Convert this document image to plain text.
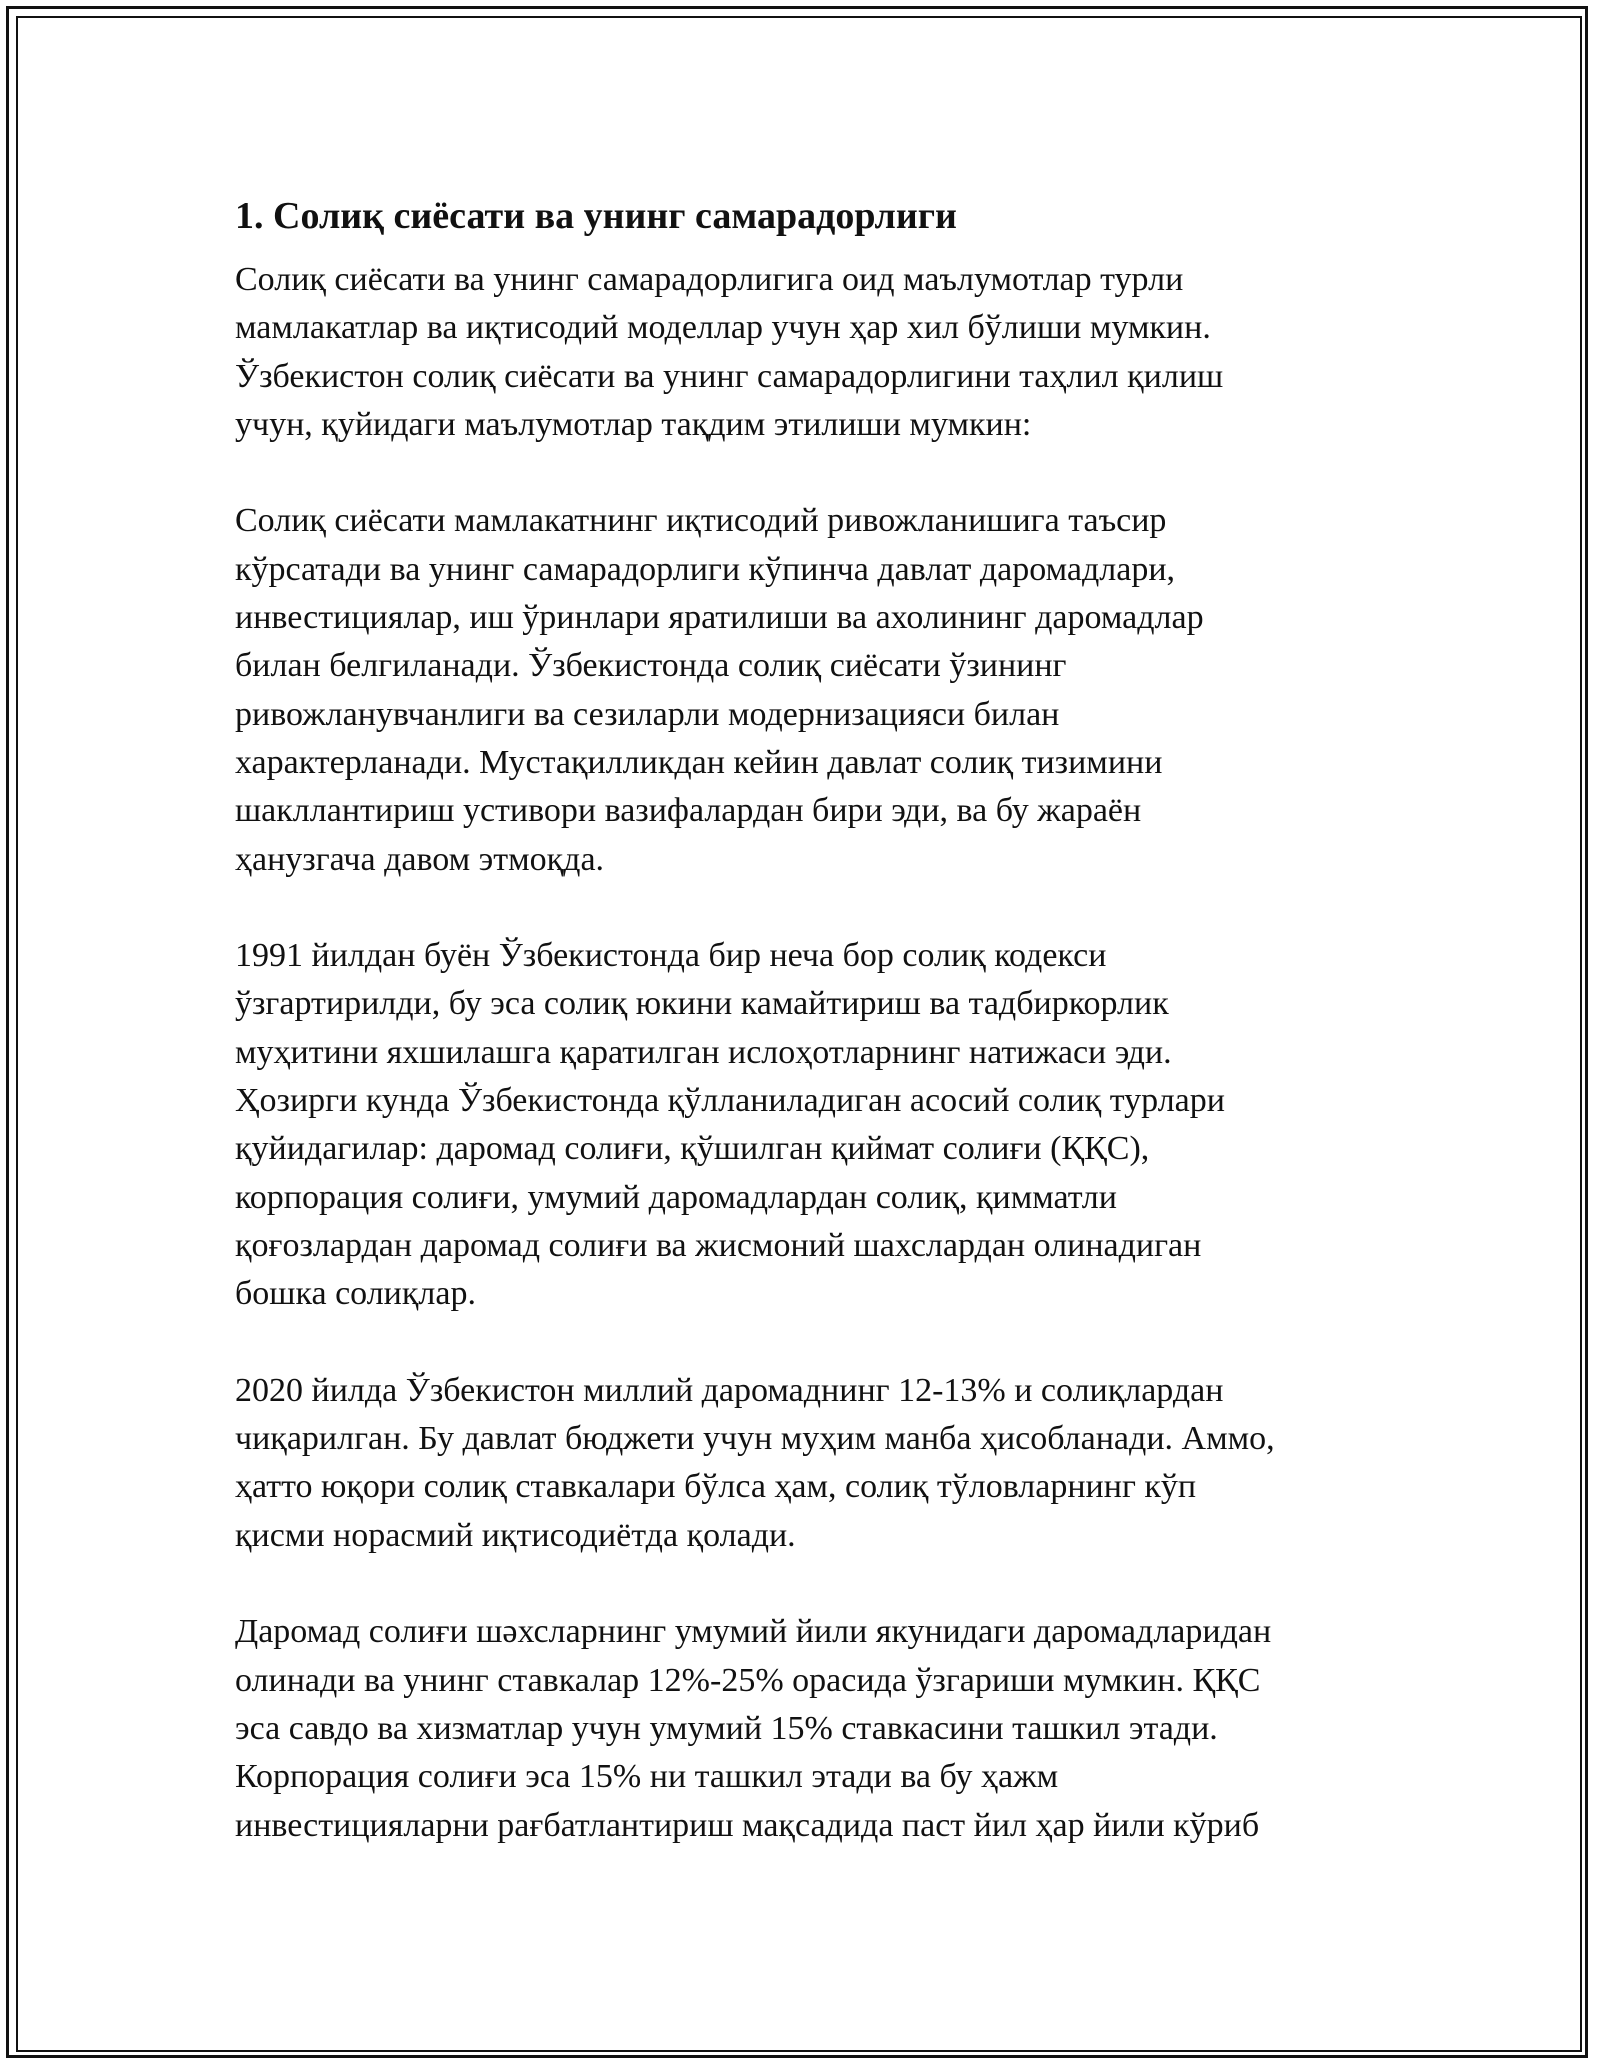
1. Солиқ сиёсати ва унинг самарадорлиги

Солиқ сиёсати ва унинг самарадорлигига оид маълумотлар турли
мамлакатлар ва иқтисодий моделлар учун ҳар хил бўлиши мумкин.
Ўзбекистон солиқ сиёсати ва унинг самарадорлигини таҳлил қилиш
учун, қуйидаги маълумотлар тақдим этилиши мумкин:

Солиқ сиёсати мамлакатнинг иқтисодий ривожланишига таъсир
кўрсатади ва унинг самарадорлиги кўпинча давлат даромадлари,
инвестициялар, иш ўринлари яратилиши ва ахолининг даромадлар
билан белгиланади. Ўзбекистонда солиқ сиёсати ўзининг
ривожланувчанлиги ва сезиларли модернизацияси билан
характерланади. Мустақилликдан кейин давлат солиқ тизимини
шакллантириш устивори вазифалардан бири эди, ва бу жараён
ҳанузгача давом этмоқда.

1991 йилдан буён Ўзбекистонда бир неча бор солиқ кодекси
ўзгартирилди, бу эса солиқ юкини камайтириш ва тадбиркорлик
муҳитини яхшилашга қаратилган ислоҳотларнинг натижаси эди.
Ҳозирги кунда Ўзбекистонда қўлланиладиган асосий солиқ турлари
қуйидагилар: даромад солиғи, қўшилган қиймат солиғи (ҚҚС),
корпорация солиғи, умумий даромадлардан солиқ, қимматли
қоғозлардан даромад солиғи ва жисмоний шахслардан олинадиган
бошка солиқлар.

2020 йилда Ўзбекистон миллий даромаднинг 12-13% и солиқлардан
чиқарилган. Бу давлат бюджети учун муҳим манба ҳисобланади. Аммо,
ҳатто юқори солиқ ставкалари бўлса ҳам, солиқ тўловларнинг кўп
қисми норасмий иқтисодиётда қолади.

Даромад солиғи шәхсларнинг умумий йили якунидаги даромадларидан
олинади ва унинг ставкалар 12%-25% орасида ўзгариши мумкин. ҚҚС
эса савдо ва хизматлар учун умумий 15% ставкасини ташкил этади.
Корпорация солиғи эса 15% ни ташкил этади ва бу ҳажм
инвестицияларни рағбатлантириш мақсадида паст йил ҳар йили кўриб
